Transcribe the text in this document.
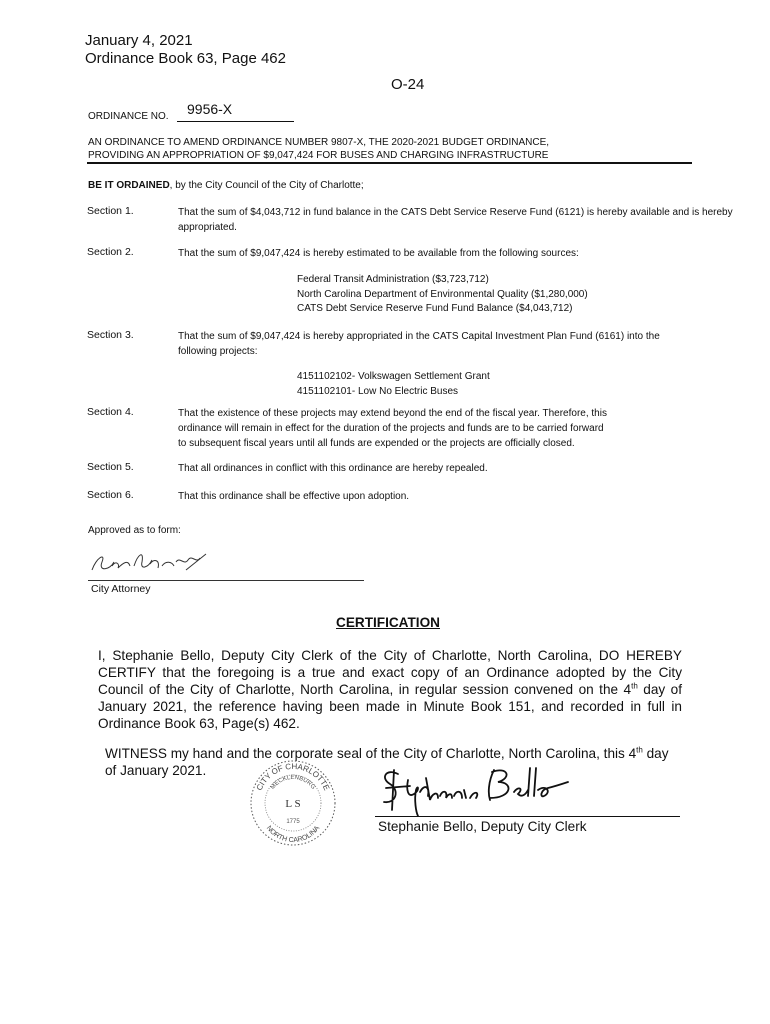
January 4, 2021
Ordinance Book 63, Page 462
O-24
ORDINANCE NO. 9956-X
AN ORDINANCE TO AMEND ORDINANCE NUMBER 9807-X, THE 2020-2021 BUDGET ORDINANCE,
PROVIDING AN APPROPRIATION OF $9,047,424 FOR BUSES AND CHARGING INFRASTRUCTURE
BE IT ORDAINED, by the City Council of the City of Charlotte;
Section 1.	That the sum of $4,043,712 in fund balance in the CATS Debt Service Reserve Fund (6121) is hereby available and is hereby appropriated.
Section 2.	That the sum of $9,047,424 is hereby estimated to be available from the following sources:
Federal Transit Administration ($3,723,712)
North Carolina Department of Environmental Quality ($1,280,000)
CATS Debt Service Reserve Fund Fund Balance ($4,043,712)
Section 3.	That the sum of $9,047,424 is hereby appropriated in the CATS Capital Investment Plan Fund (6161) into the following projects:
4151102102- Volkswagen Settlement Grant
4151102101- Low No Electric Buses
Section 4.	That the existence of these projects may extend beyond the end of the fiscal year. Therefore, this
ordinance will remain in effect for the duration of the projects and funds are to be carried forward
to subsequent fiscal years until all funds are expended or the projects are officially closed.
Section 5.	That all ordinances in conflict with this ordinance are hereby repealed.
Section 6.	That this ordinance shall be effective upon adoption.
Approved as to form:
City Attorney
CERTIFICATION
I, Stephanie Bello, Deputy City Clerk of the City of Charlotte, North Carolina, DO HEREBY CERTIFY that the foregoing is a true and exact copy of an Ordinance adopted by the City Council of the City of Charlotte, North Carolina, in regular session convened on the 4th day of January 2021, the reference having been made in Minute Book 151, and recorded in full in Ordinance Book 63, Page(s) 462.
WITNESS my hand and the corporate seal of the City of Charlotte, North Carolina, this 4th day of January 2021.
CITY OF CHARLOTTE
MECKLENBURG
NORTH CAROLINA
L S
1775	Stephanie Bello, Deputy City Clerk
